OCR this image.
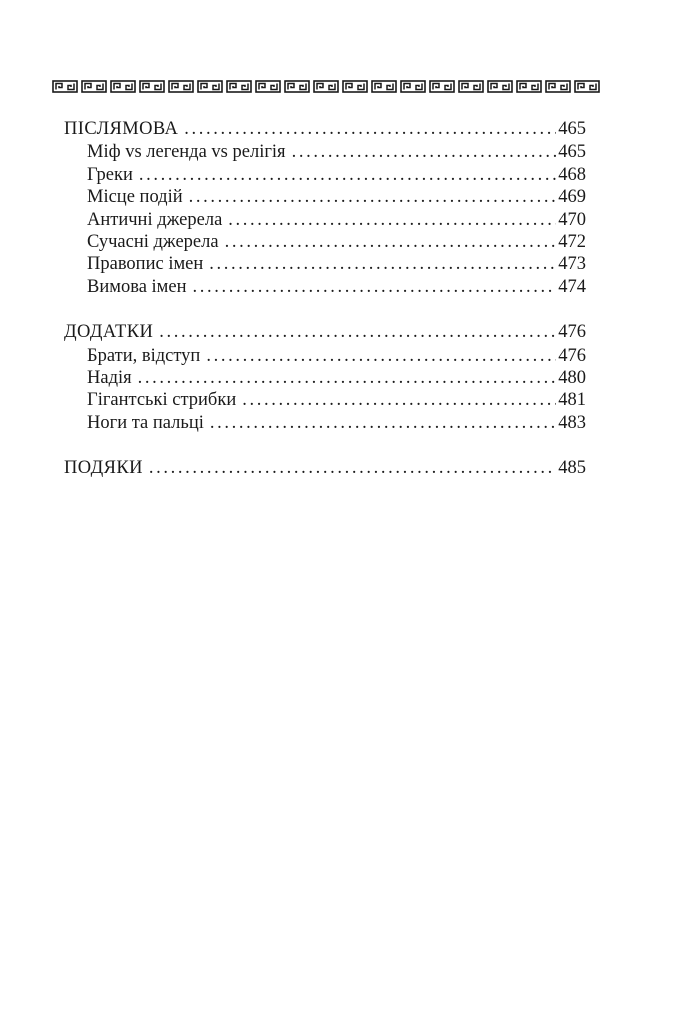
ПІСЛЯМОВА . . .	465
Міф vs легенда vs релігія . . .	465
Греки . . .	468
Місце подій . . .	469
Античні джерела . . .	470
Сучасні джерела . . .	472
Правопис імен . . .	473
Вимова імен . . .	474
ДОДАТКИ . . .	476
Брати, відступ . . .	476
Надія . . .	480
Гігантські стрибки . . .	481
Ноги та пальці . . .	483
ПОДЯКИ . . .	485
